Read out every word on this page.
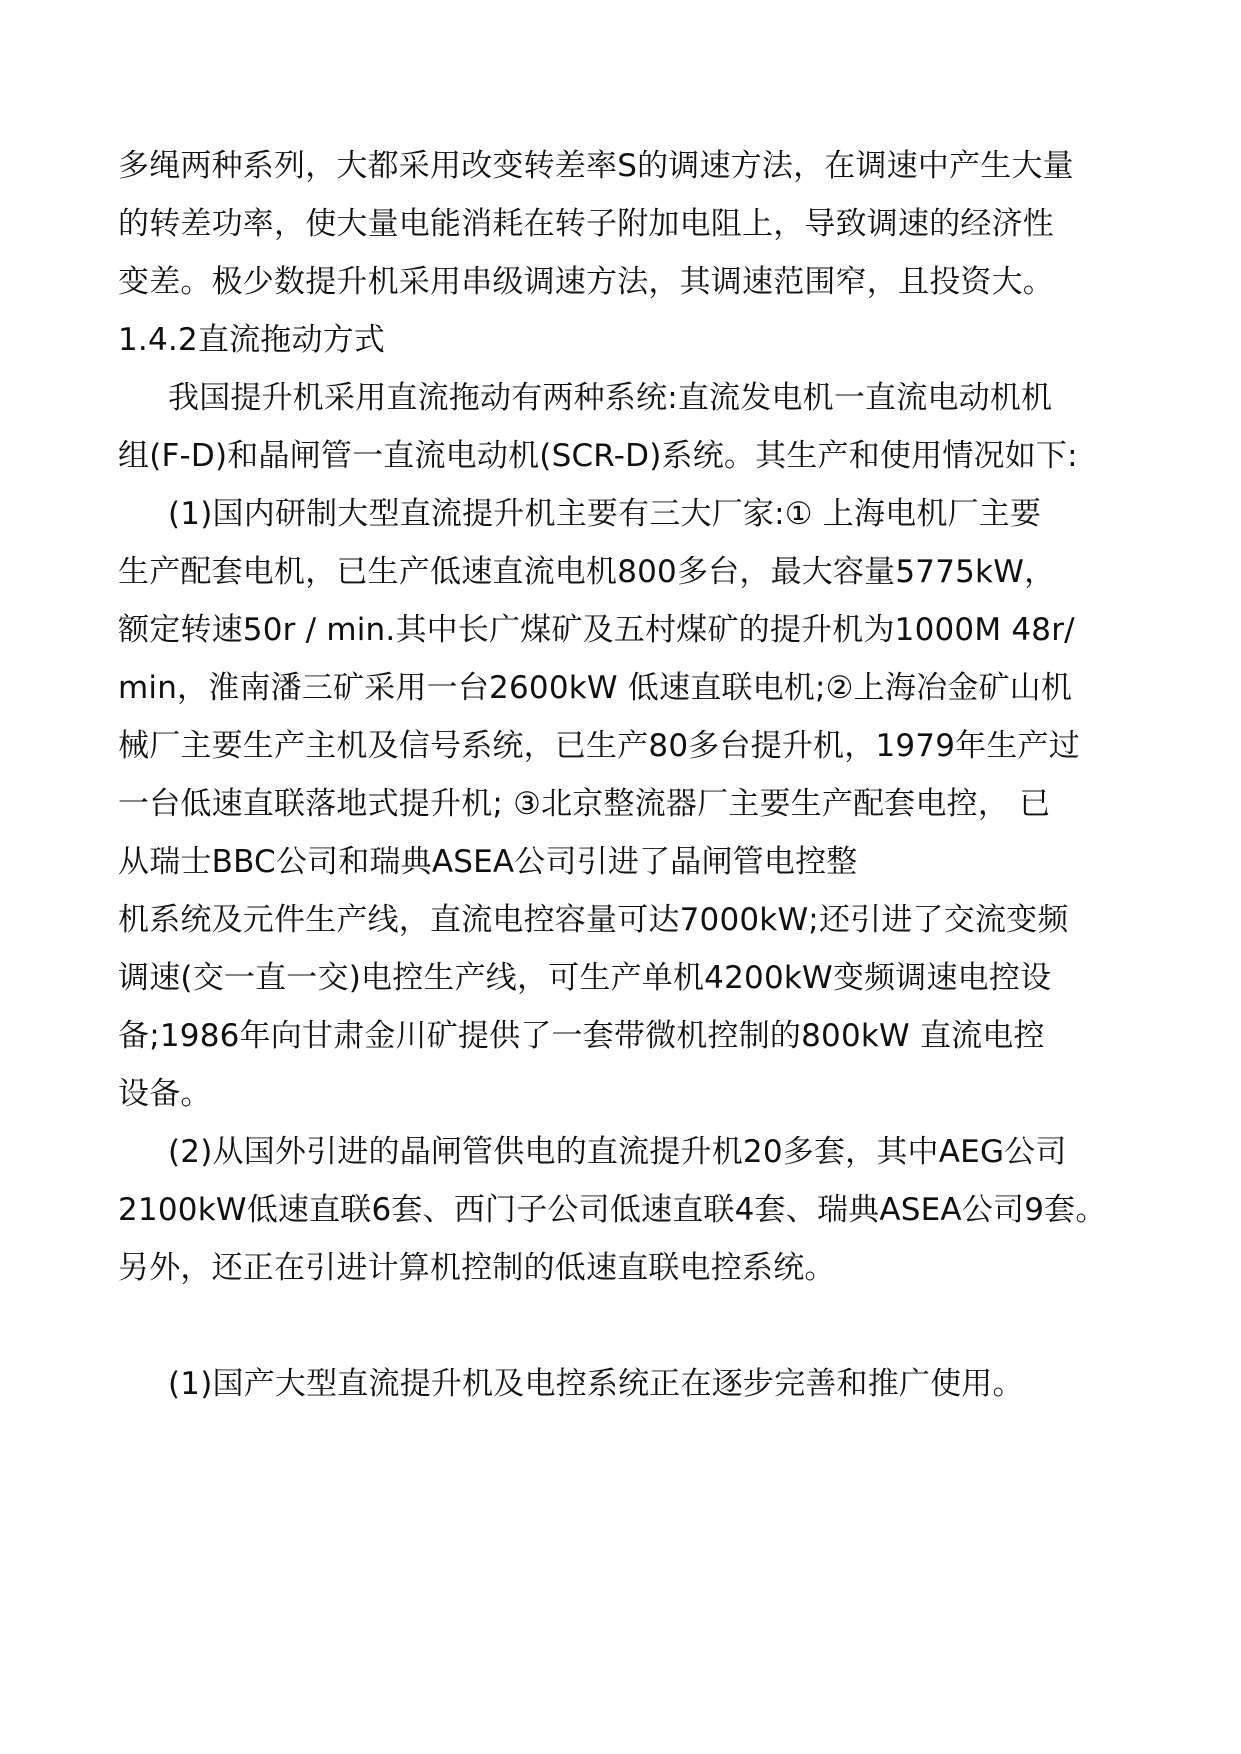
多绳两种系列，大都采用改变转差率S的调速方法，在调速中产生大量
的转差功率，使大量电能消耗在转子附加电阻上，导致调速的经济性
变差。极少数提升机采用串级调速方法，其调速范围窄，且投资大。
1.4.2直流拖动方式
我国提升机采用直流拖动有两种系统:直流发电机一直流电动机机
组(F-D)和晶闸管一直流电动机(SCR-D)系统。其生产和使用情况如下:
(1)国内研制大型直流提升机主要有三大厂家:① 上海电机厂主要
生产配套电机，已生产低速直流电机800多台，最大容量5775kW，
额定转速50r / min.其中长广煤矿及五村煤矿的提升机为1000M 48r/
min，淮南潘三矿采用一台2600kW 低速直联电机;②上海冶金矿山机
械厂主要生产主机及信号系统，已生产80多台提升机，1979年生产过
一台低速直联落地式提升机; ③北京整流器厂主要生产配套电控， 已
从瑞士BBC公司和瑞典ASEA公司引进了晶闸管电控整
机系统及元件生产线，直流电控容量可达7000kW;还引进了交流变频
调速(交一直一交)电控生产线，可生产单机4200kW变频调速电控设
备;1986年向甘肃金川矿提供了一套带微机控制的800kW 直流电控
设备。
(2)从国外引进的晶闸管供电的直流提升机20多套，其中AEG公司
2100kW低速直联6套、西门子公司低速直联4套、瑞典ASEA公司9套。
另外，还正在引进计算机控制的低速直联电控系统。
(1)国产大型直流提升机及电控系统正在逐步完善和推广使用。
